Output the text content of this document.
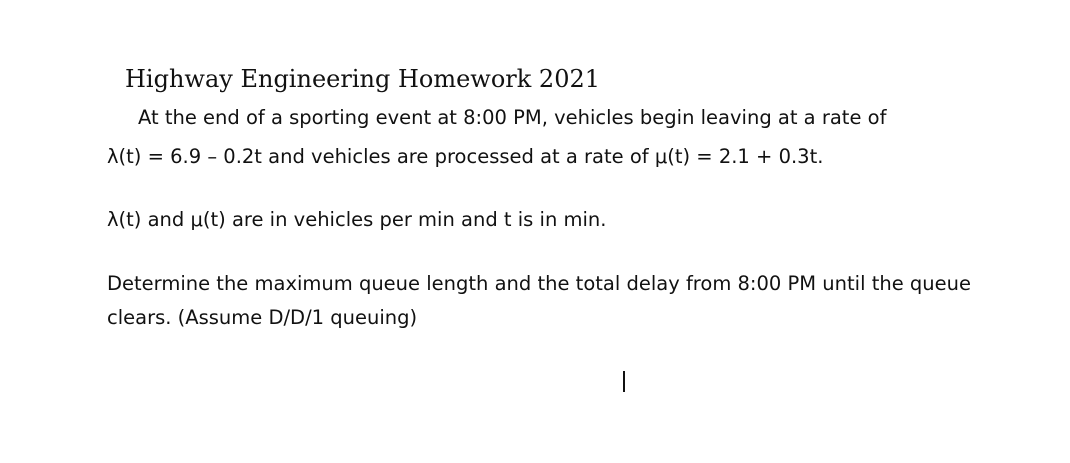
Highway Engineering Homework 2021
At the end of a sporting event at 8:00 PM, vehicles begin leaving at a rate of
λ(t) = 6.9 – 0.2t and vehicles are processed at a rate of μ(t) = 2.1 + 0.3t.
λ(t) and μ(t) are in vehicles per min and t is in min.
Determine the maximum queue length and the total delay from 8:00 PM until the queue
clears. (Assume D/D/1 queuing)
